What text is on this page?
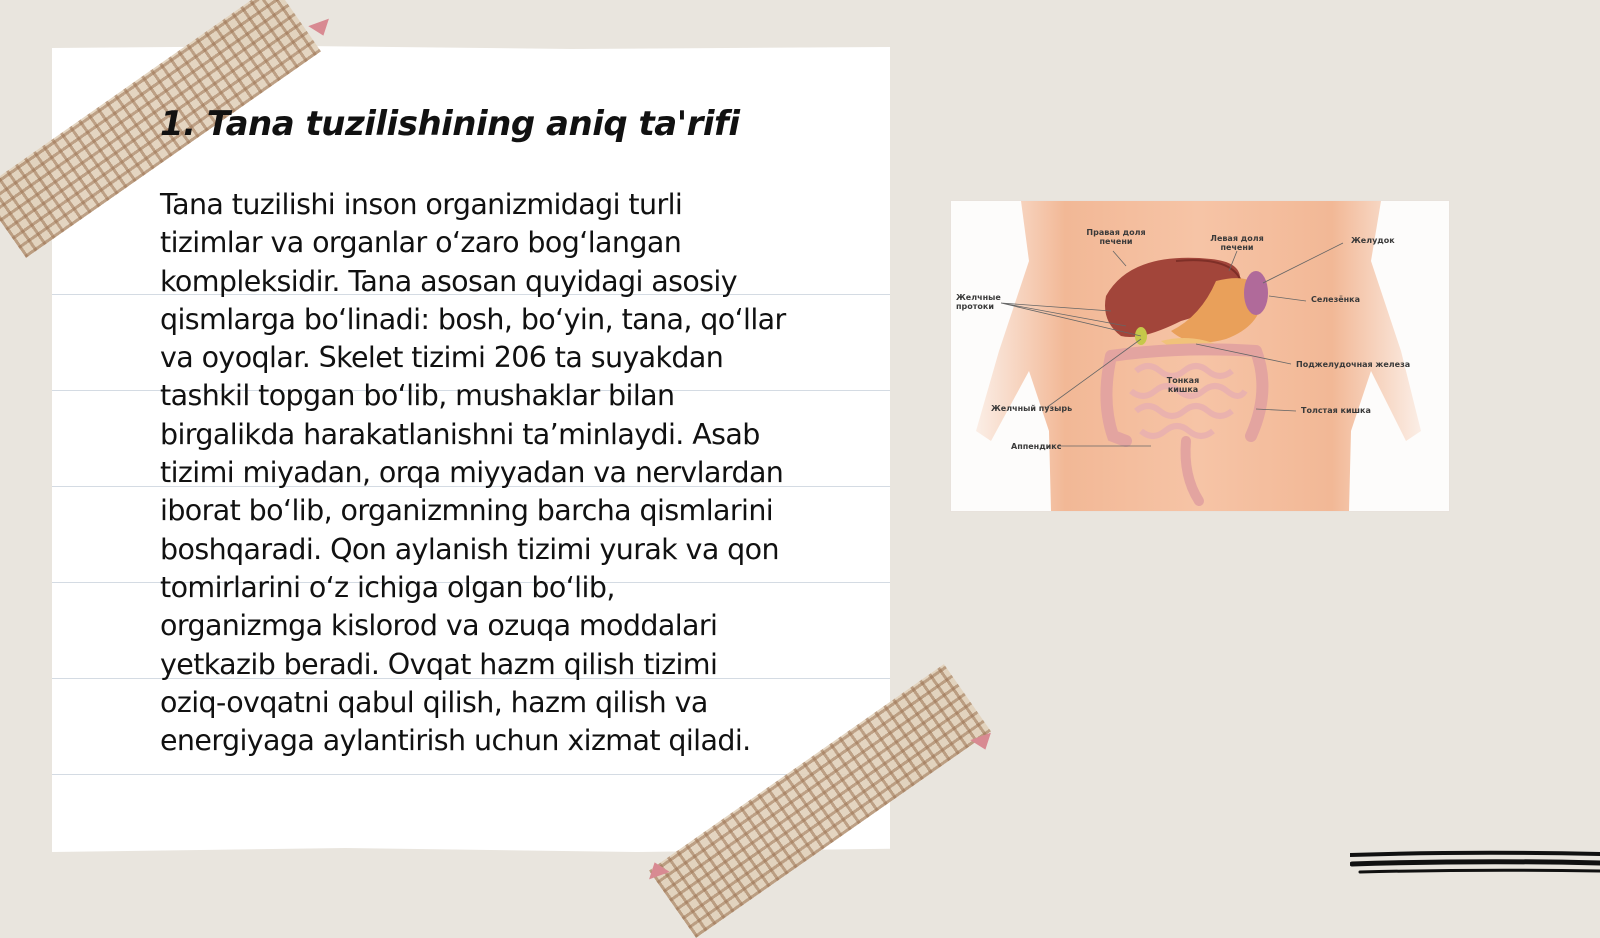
1. Tana tuzilishining aniq ta'rifi

Tana tuzilishi inson organizmidagi turli
tizimlar va organlar o‘zaro bog‘langan
kompleksidir. Tana asosan quyidagi asosiy
qismlarga bo‘linadi: bosh, bo‘yin, tana, qo‘llar
va oyoqlar. Skelet tizimi 206 ta suyakdan
tashkil topgan bo‘lib, mushaklar bilan
birgalikda harakatlanishni ta’minlaydi. Asab
tizimi miyadan, orqa miyyadan va nervlardan
iborat bo‘lib, organizmning barcha qismlarini
boshqaradi. Qon aylanish tizimi yurak va qon
tomirlarini o‘z ichiga olgan bo‘lib,
organizmga kislorod va ozuqa moddalari
yetkazib beradi. Ovqat hazm qilish tizimi
oziq-ovqatni qabul qilish, hazm qilish va
energiyaga aylantirish uchun xizmat qiladi.

Правая доля печени	Левая доля печени
Желудок
Желчные протоки
Селезёнка
Поджелудочная железа
Тонкая кишка
Желчный пузырь	Толстая кишка
Аппендикс
